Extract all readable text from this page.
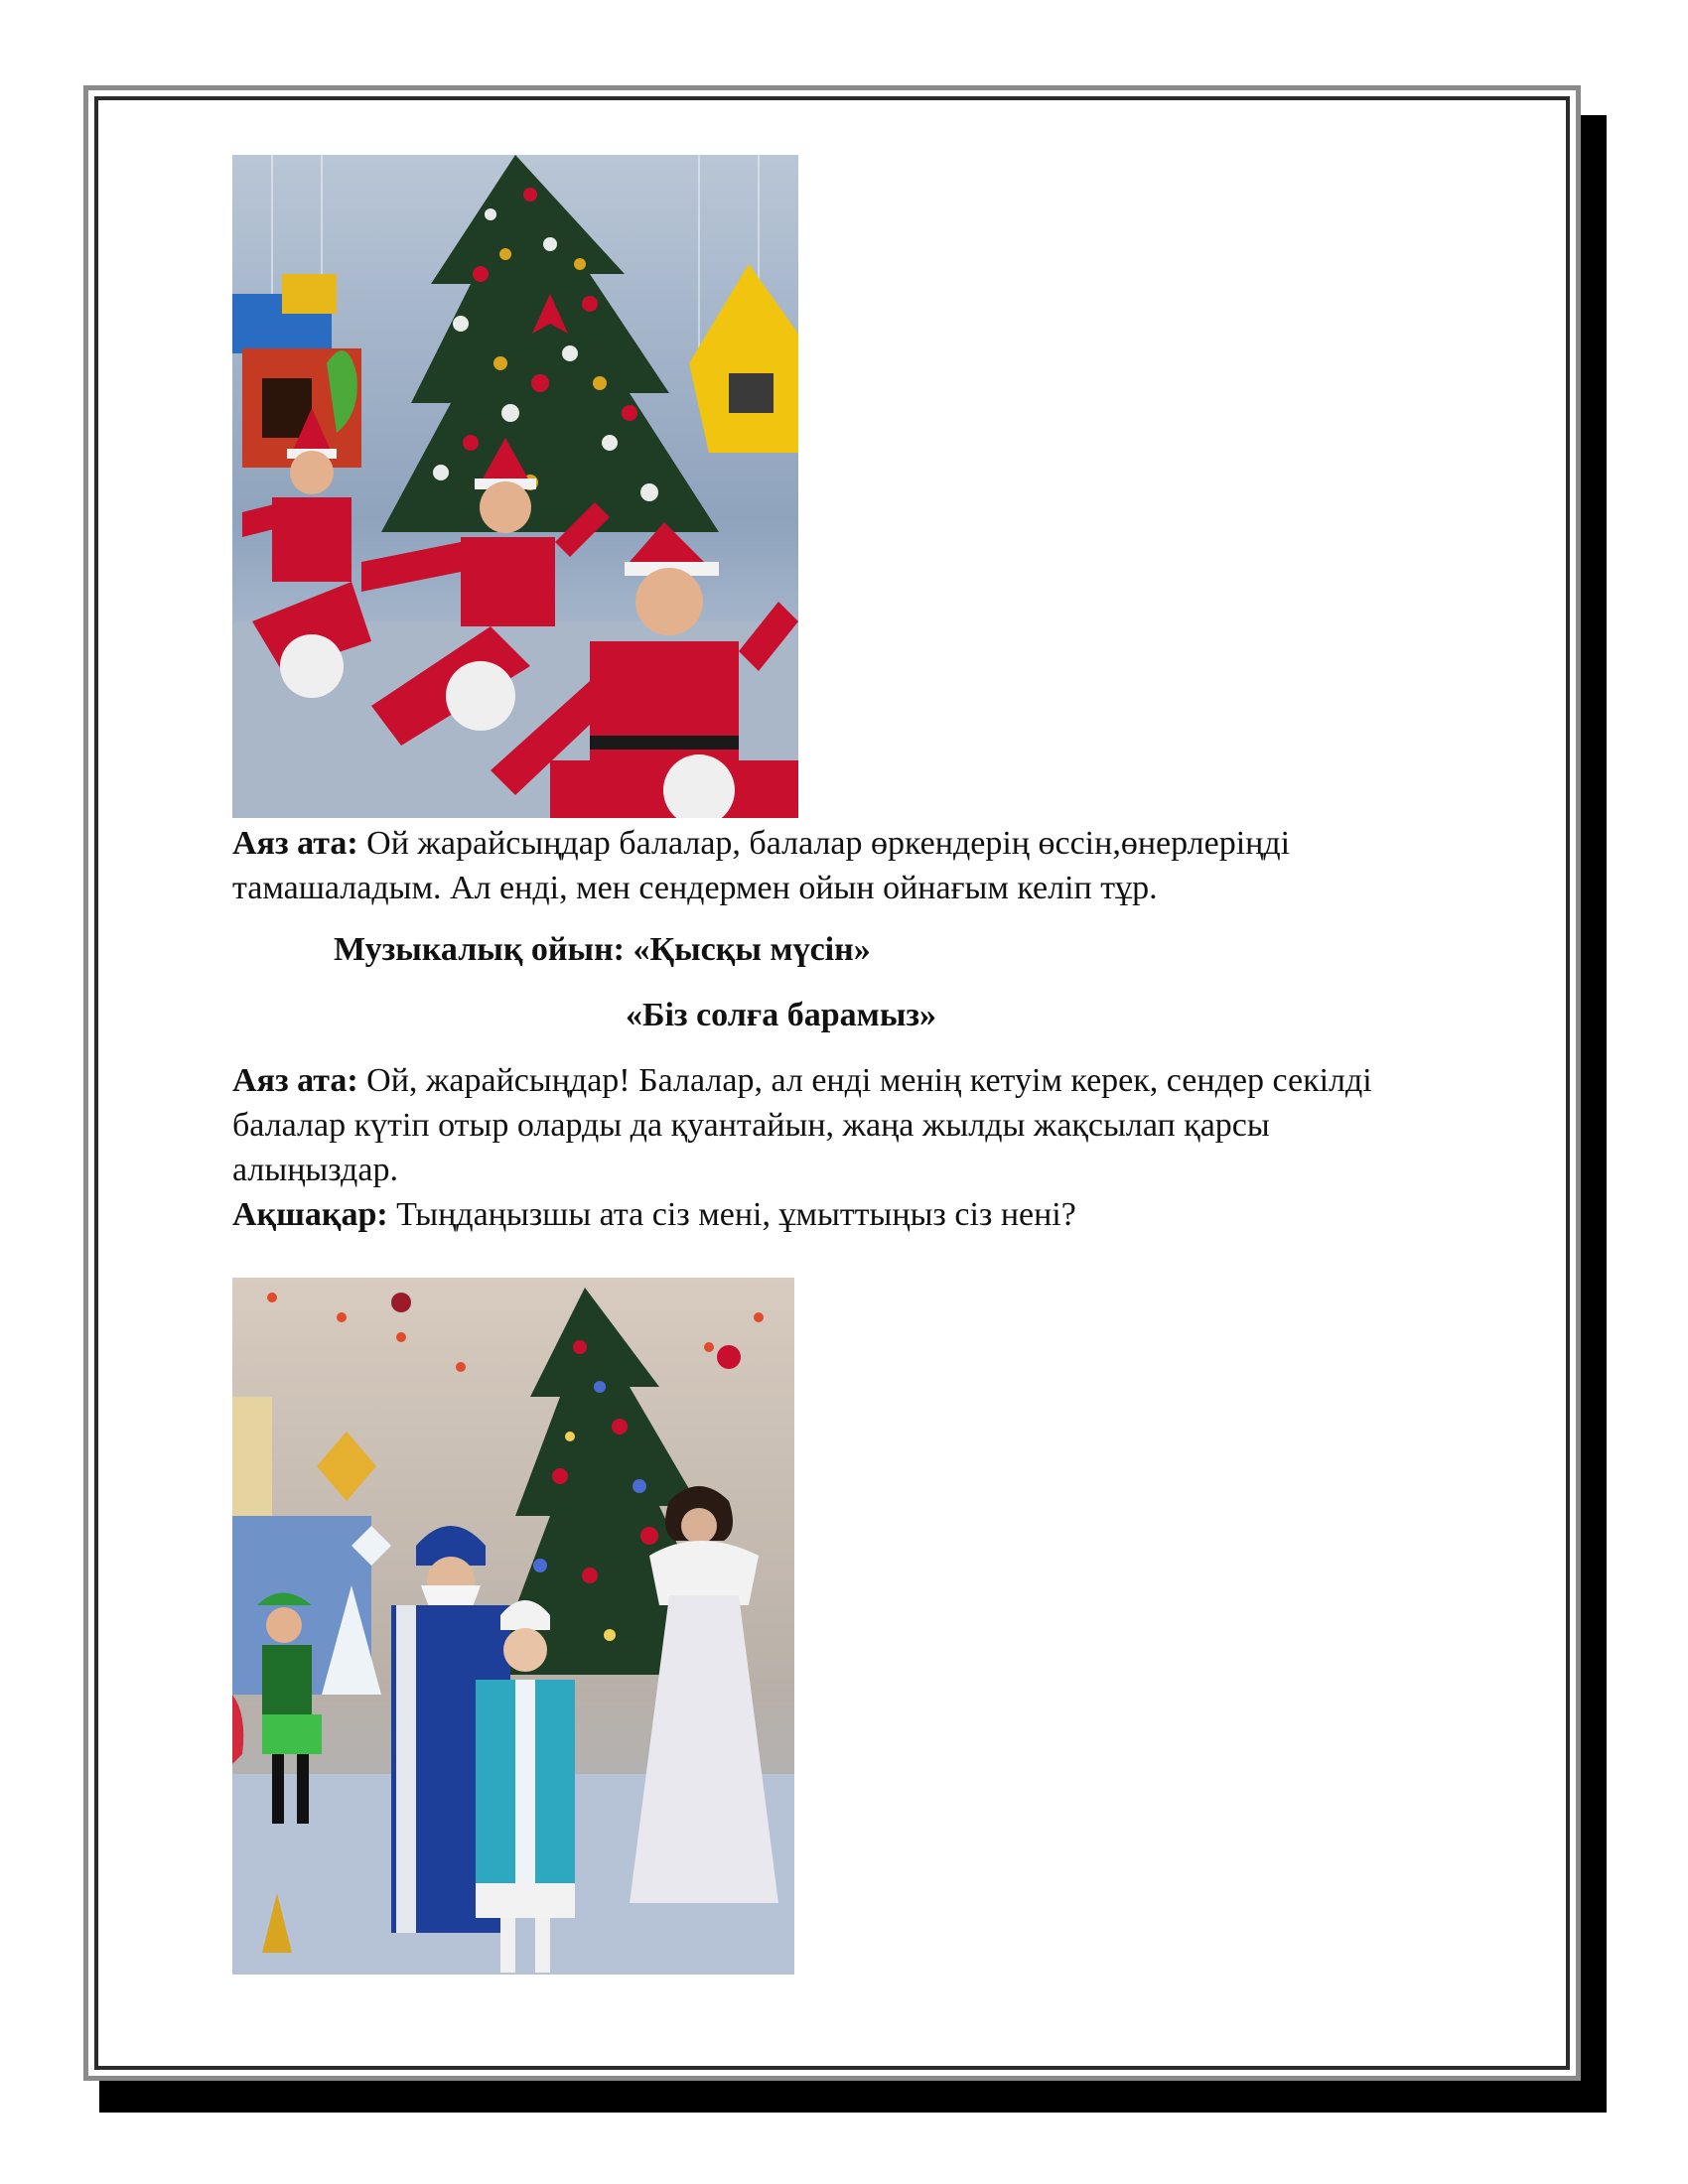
Аяз ата: Ой жарайсыңдар балалар, балалар өркендерің өссін,өнерлеріңді
тамашаладым. Ал енді, мен сендермен ойын ойнағым келіп тұр.
Музыкалық ойын: «Қысқы мүсін»
«Біз солға барамыз»
Аяз ата: Ой, жарайсыңдар! Балалар, ал енді менің кетуім керек, сендер секілді
балалар күтіп отыр оларды да қуантайын, жаңа жылды жақсылап қарсы
алыңыздар.
Ақшақар: Тыңдаңызшы ата сіз мені, ұмыттыңыз сіз нені?
